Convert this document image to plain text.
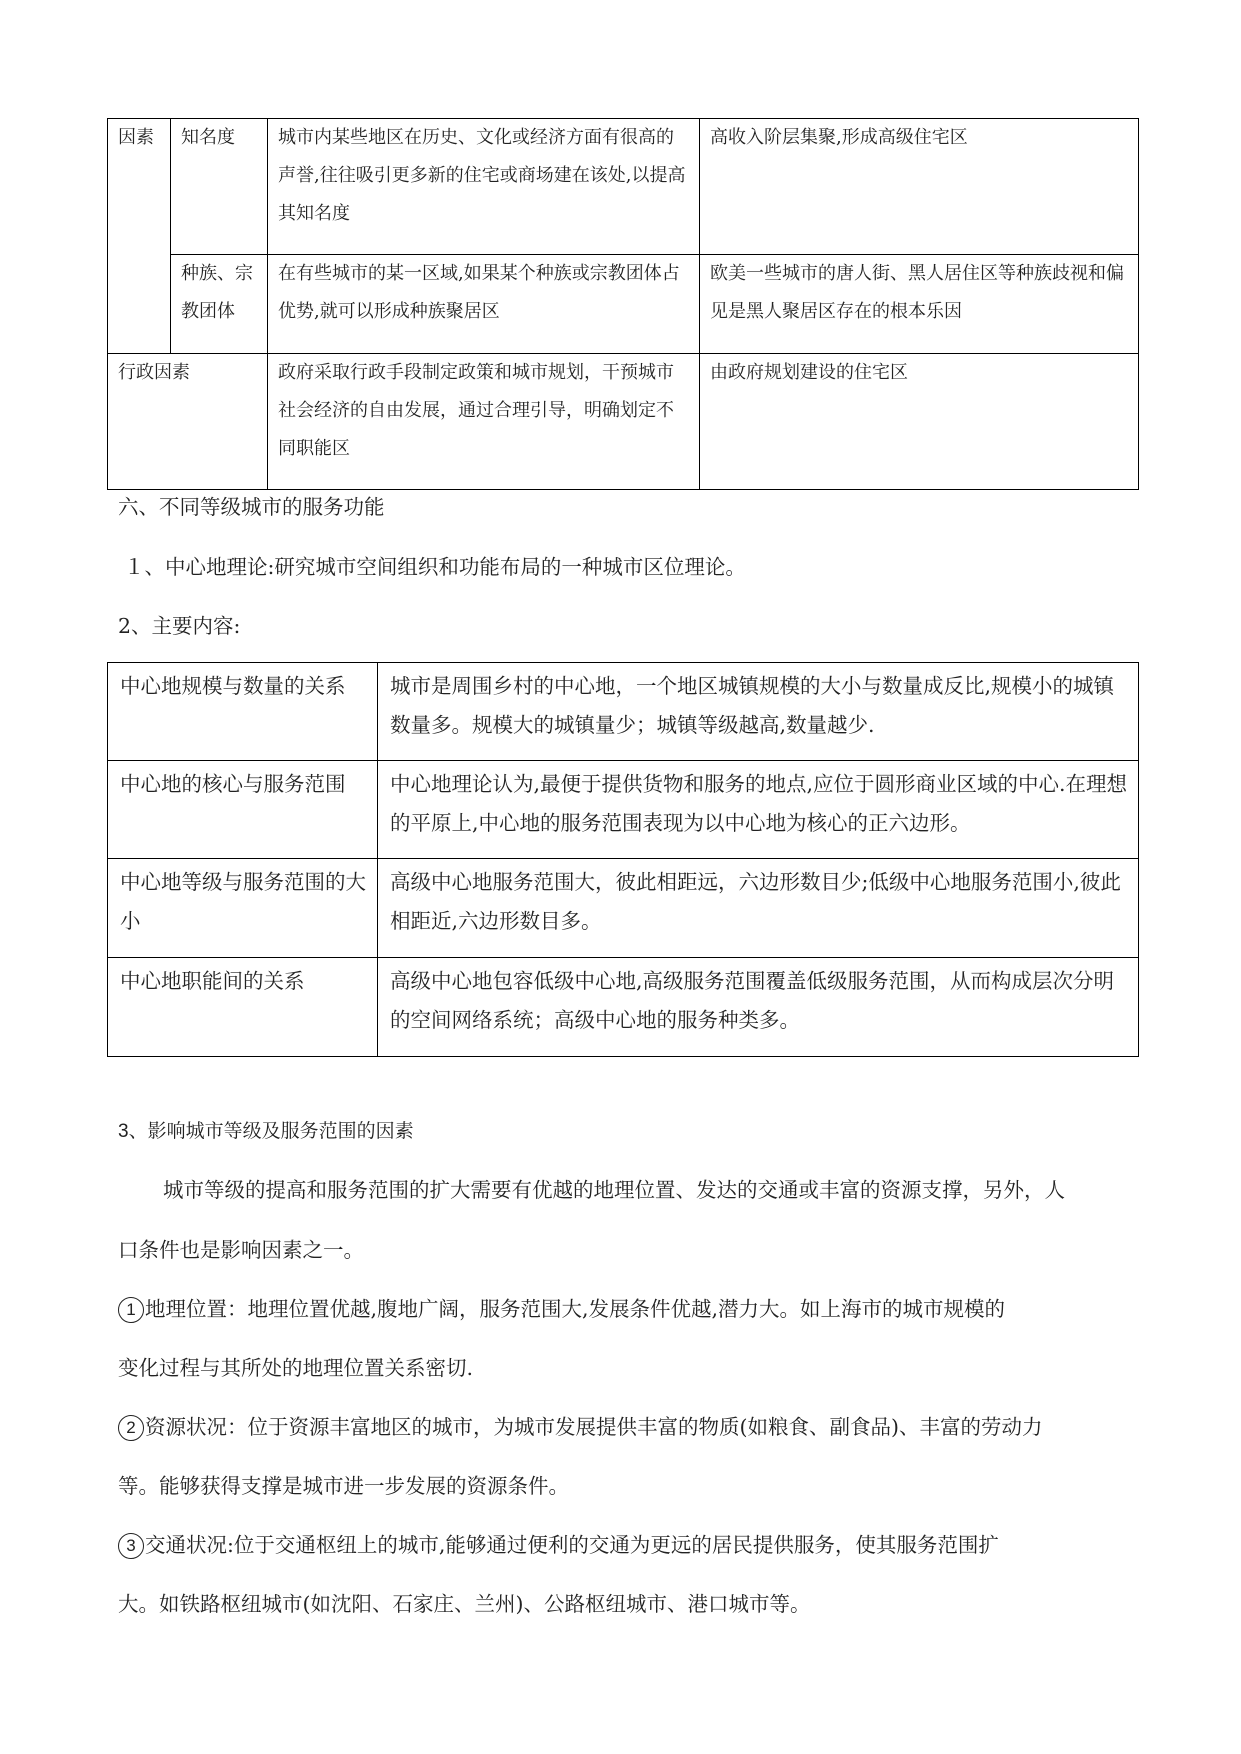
因素	知名度	城市内某些地区在历史、文化或经济方面有很高的声誉,往往吸引更多新的住宅或商场建在该处,以提高其知名度	高收入阶层集聚,形成高级住宅区

	种族、宗教团体	在有些城市的某一区域,如果某个种族或宗教团体占优势,就可以形成种族聚居区	欧美一些城市的唐人街、黑人居住区等种族歧视和偏见是黑人聚居区存在的根本乐因

行政因素		政府采取行政手段制定政策和城市规划，干预城市社会经济的自由发展，通过合理引导，明确划定不同职能区	由政府规划建设的住宅区
六、不同等级城市的服务功能
１、中心地理论:研究城市空间组织和功能布局的一种城市区位理论。
2、主要内容:
中心地规模与数量的关系	城市是周围乡村的中心地，一个地区城镇规模的大小与数量成反比,规模小的城镇数量多。规模大的城镇量少；城镇等级越高,数量越少.

中心地的核心与服务范围	中心地理论认为,最便于提供货物和服务的地点,应位于圆形商业区域的中心.在理想的平原上,中心地的服务范围表现为以中心地为核心的正六边形。

中心地等级与服务范围的大小	高级中心地服务范围大，彼此相距远，六边形数目少;低级中心地服务范围小,彼此相距近,六边形数目多。

中心地职能间的关系	高级中心地包容低级中心地,高级服务范围覆盖低级服务范围，从而构成层次分明的空间网络系统；高级中心地的服务种类多。
3、影响城市等级及服务范围的因素
城市等级的提高和服务范围的扩大需要有优越的地理位置、发达的交通或丰富的资源支撑，另外，人
口条件也是影响因素之一。
1 地理位置：地理位置优越,腹地广阔，服务范围大,发展条件优越,潜力大。如上海市的城市规模的
变化过程与其所处的地理位置关系密切.
2 资源状况：位于资源丰富地区的城市，为城市发展提供丰富的物质(如粮食、副食品)、丰富的劳动力
等。能够获得支撑是城市进一步发展的资源条件。
3 交通状况:位于交通枢纽上的城市,能够通过便利的交通为更远的居民提供服务，使其服务范围扩
大。如铁路枢纽城市(如沈阳、石家庄、兰州)、公路枢纽城市、港口城市等。
